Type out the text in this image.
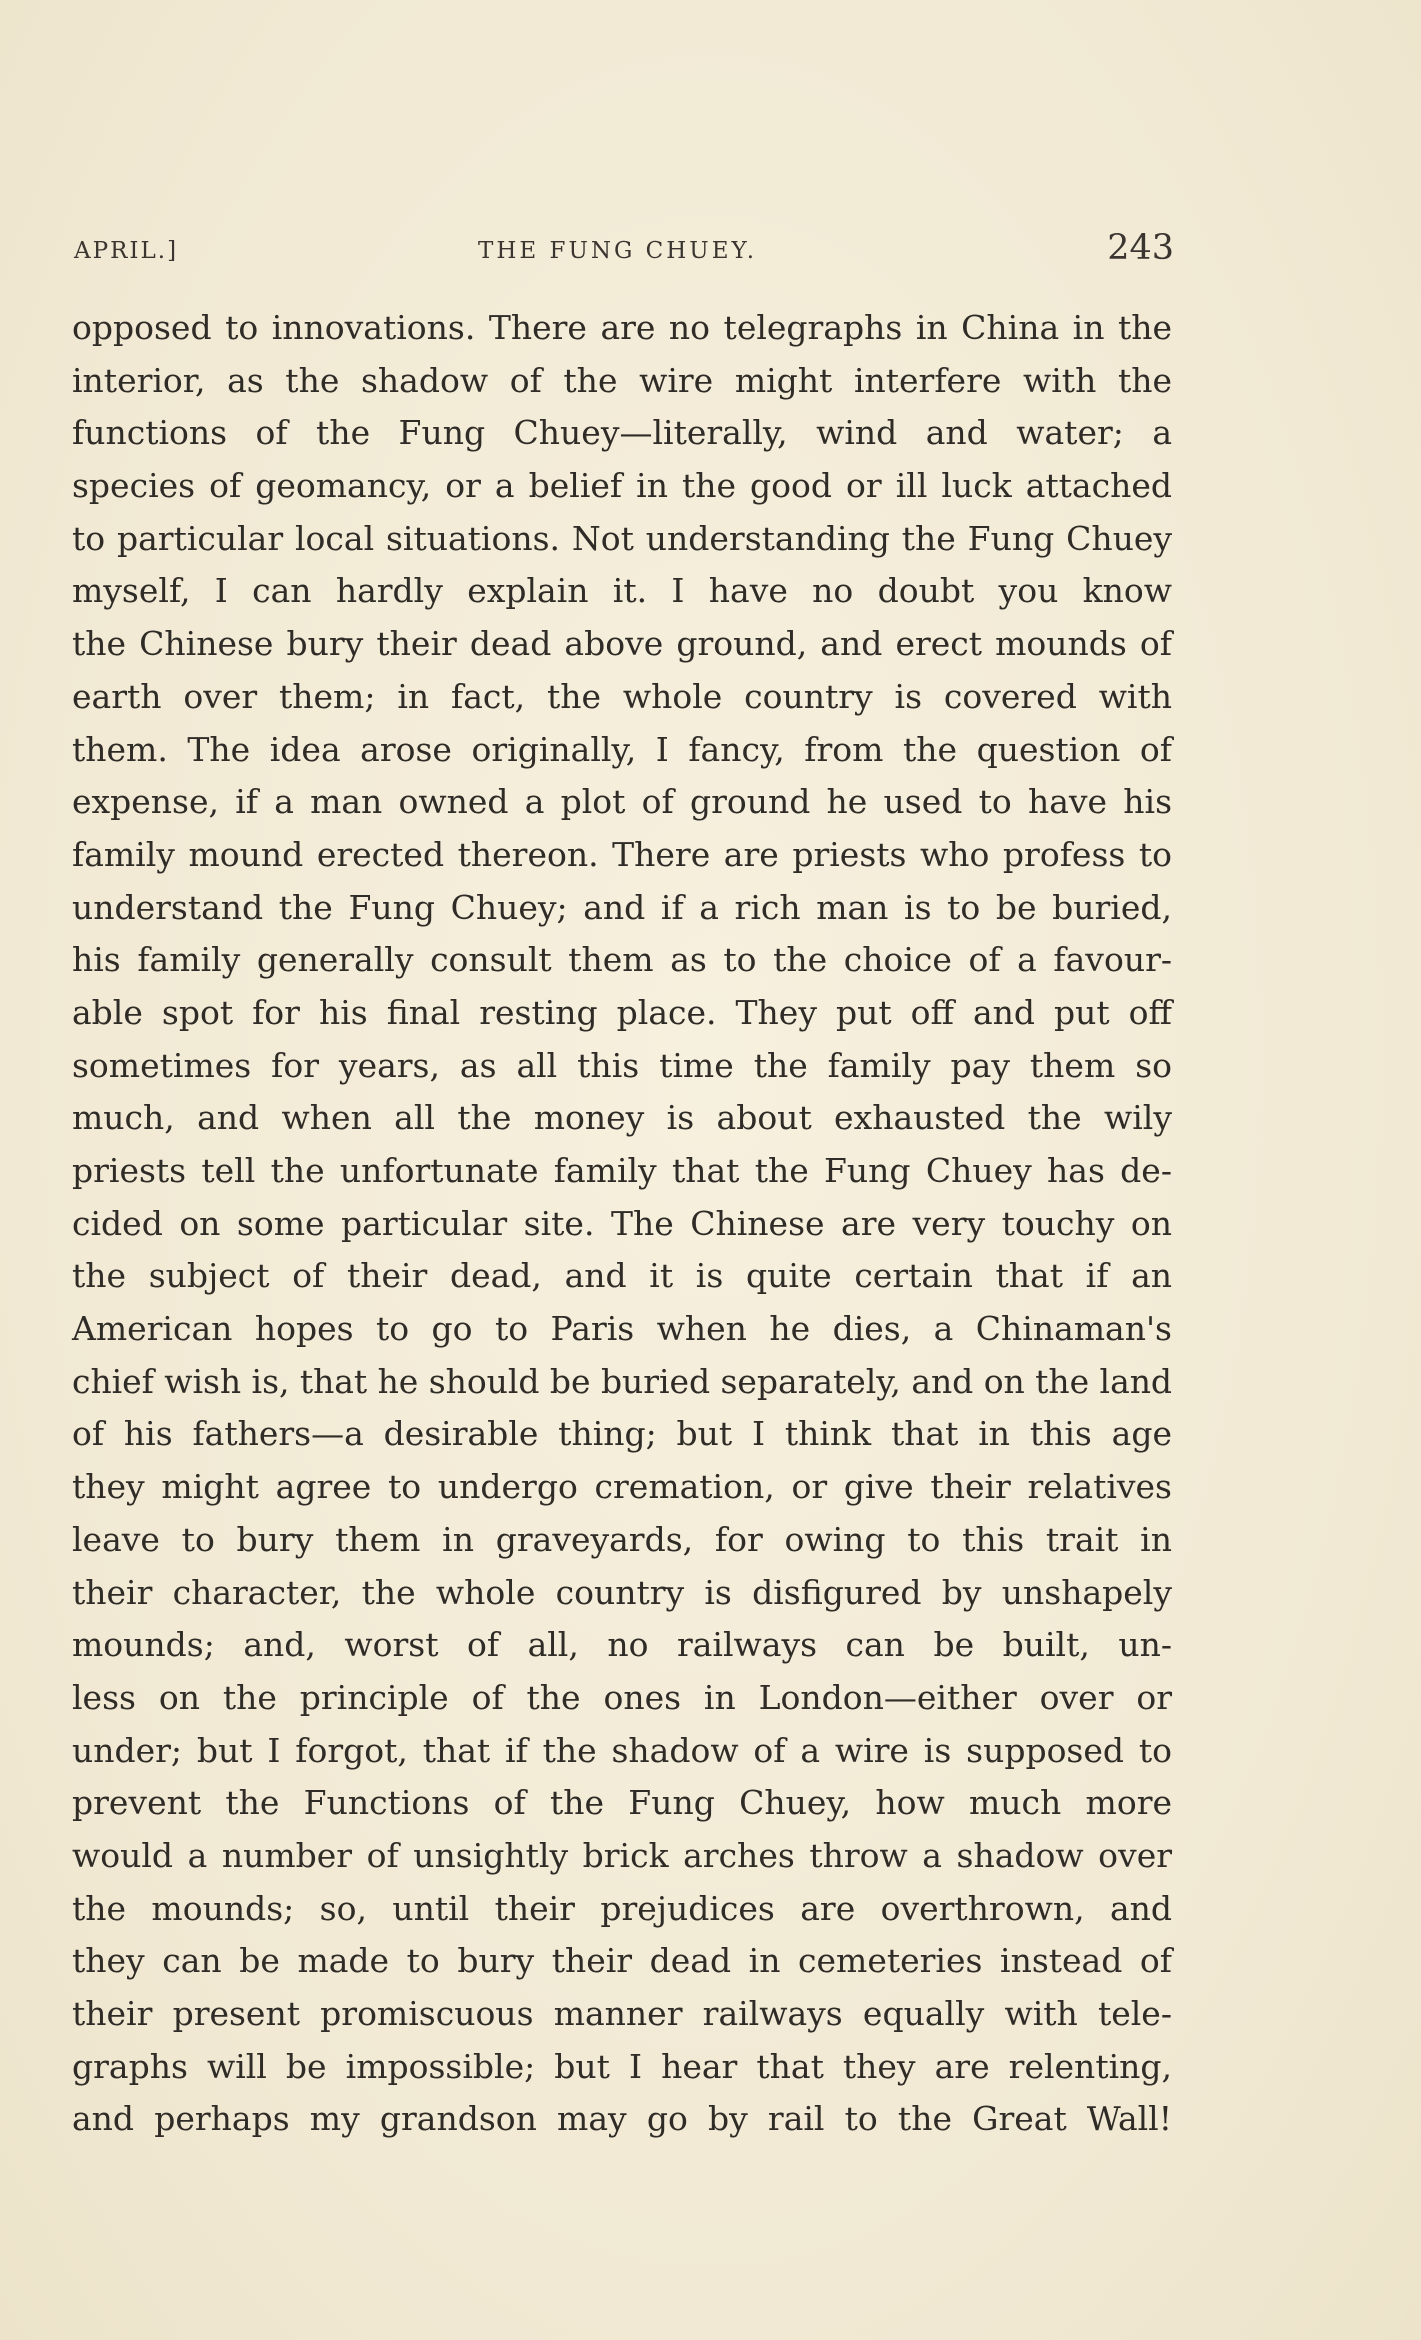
APRIL.]	THE FUNG CHUEY.	243
opposed to innovations. There are no telegraphs in China in the
interior, as the shadow of the wire might interfere with the
functions of the Fung Chuey—literally, wind and water; a
species of geomancy, or a belief in the good or ill luck attached
to particular local situations. Not understanding the Fung Chuey
myself, I can hardly explain it. I have no doubt you know
the Chinese bury their dead above ground, and erect mounds of
earth over them; in fact, the whole country is covered with
them. The idea arose originally, I fancy, from the question of
expense, if a man owned a plot of ground he used to have his
family mound erected thereon. There are priests who profess to
understand the Fung Chuey; and if a rich man is to be buried,
his family generally consult them as to the choice of a favour-
able spot for his final resting place. They put off and put off
sometimes for years, as all this time the family pay them so
much, and when all the money is about exhausted the wily
priests tell the unfortunate family that the Fung Chuey has de-
cided on some particular site. The Chinese are very touchy on
the subject of their dead, and it is quite certain that if an
American hopes to go to Paris when he dies, a Chinaman's
chief wish is, that he should be buried separately, and on the land
of his fathers—a desirable thing; but I think that in this age
they might agree to undergo cremation, or give their relatives
leave to bury them in graveyards, for owing to this trait in
their character, the whole country is disfigured by unshapely
mounds; and, worst of all, no railways can be built, un-
less on the principle of the ones in London—either over or
under; but I forgot, that if the shadow of a wire is supposed to
prevent the Functions of the Fung Chuey, how much more
would a number of unsightly brick arches throw a shadow over
the mounds; so, until their prejudices are overthrown, and
they can be made to bury their dead in cemeteries instead of
their present promiscuous manner railways equally with tele-
graphs will be impossible; but I hear that they are relenting,
and perhaps my grandson may go by rail to the Great Wall!
